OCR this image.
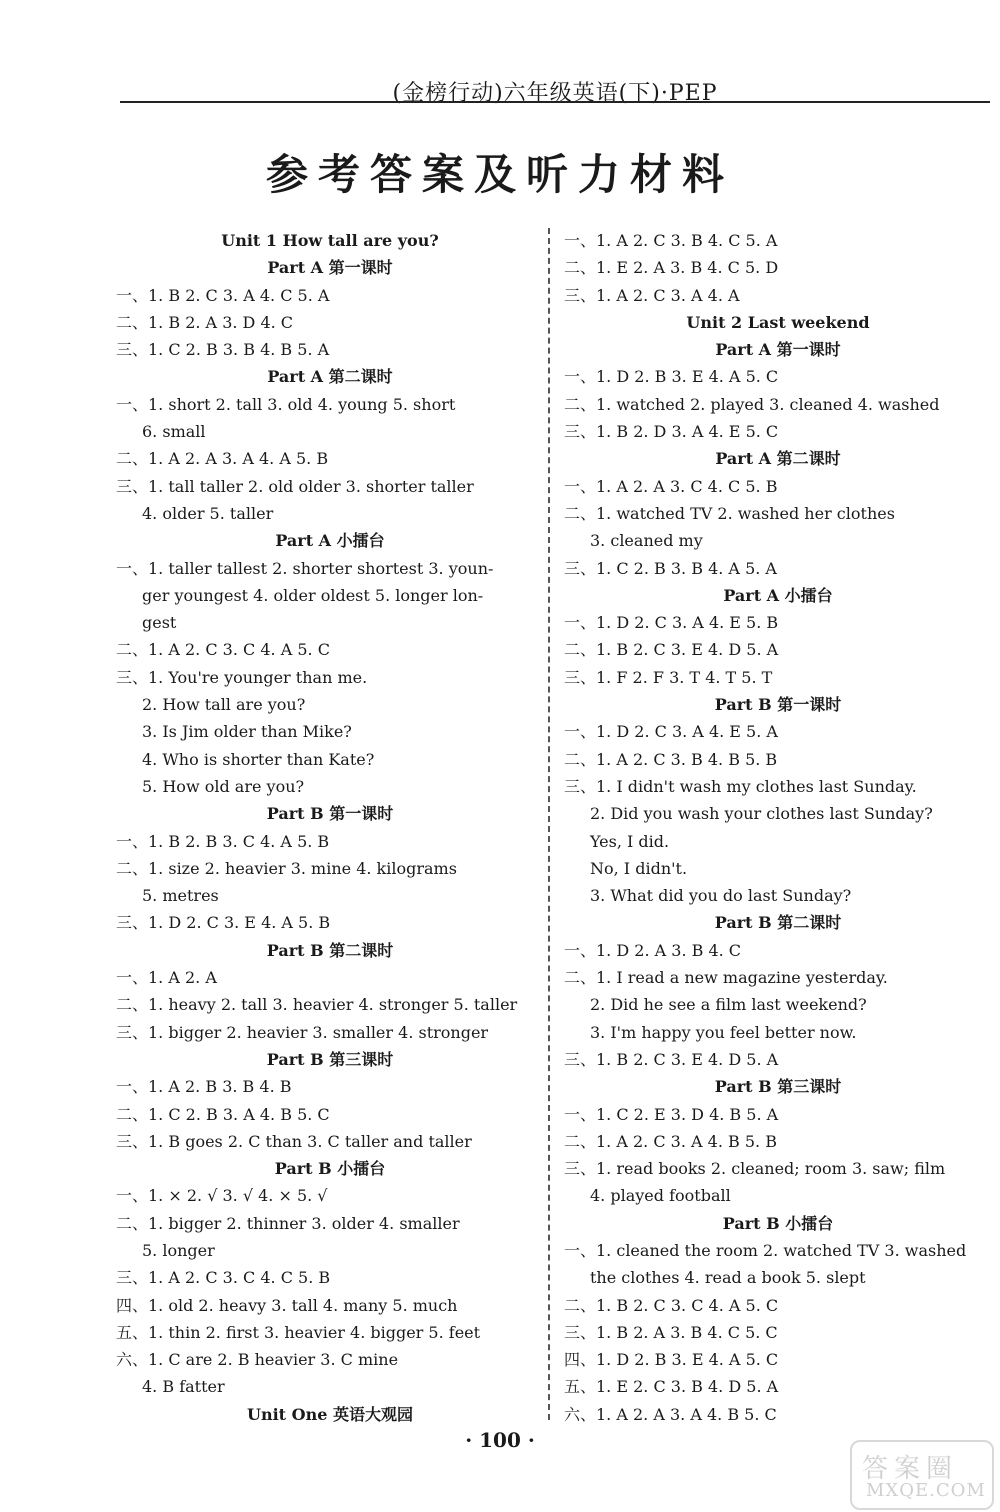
(金榜行动)六年级英语(下)·PEP
参考答案及听力材料
Unit 1 How tall are you?
Part A 第一课时
一、1. B 2. C 3. A 4. C 5. A
二、1. B 2. A 3. D 4. C
三、1. C 2. B 3. B 4. B 5. A
Part A 第二课时
一、1. short 2. tall 3. old 4. young 5. short
6. small
二、1. A 2. A 3. A 4. A 5. B
三、1. tall taller 2. old older 3. shorter taller
4. older 5. taller
Part A 小擂台
一、1. taller tallest 2. shorter shortest 3. youn-
ger youngest 4. older oldest 5. longer lon-
gest
二、1. A 2. C 3. C 4. A 5. C
三、1. You're younger than me.
2. How tall are you?
3. Is Jim older than Mike?
4. Who is shorter than Kate?
5. How old are you?
Part B 第一课时
一、1. B 2. B 3. C 4. A 5. B
二、1. size 2. heavier 3. mine 4. kilograms
5. metres
三、1. D 2. C 3. E 4. A 5. B
Part B 第二课时
一、1. A 2. A
二、1. heavy 2. tall 3. heavier 4. stronger 5. taller
三、1. bigger 2. heavier 3. smaller 4. stronger
Part B 第三课时
一、1. A 2. B 3. B 4. B
二、1. C 2. B 3. A 4. B 5. C
三、1. B goes 2. C than 3. C taller and taller
Part B 小擂台
一、1. × 2. √ 3. √ 4. × 5. √
二、1. bigger 2. thinner 3. older 4. smaller
5. longer
三、1. A 2. C 3. C 4. C 5. B
四、1. old 2. heavy 3. tall 4. many 5. much
五、1. thin 2. first 3. heavier 4. bigger 5. feet
六、1. C are 2. B heavier 3. C mine
4. B fatter
Unit One 英语大观园
一、1. A 2. C 3. B 4. C 5. A
二、1. E 2. A 3. B 4. C 5. D
三、1. A 2. C 3. A 4. A
Unit 2 Last weekend
Part A 第一课时
一、1. D 2. B 3. E 4. A 5. C
二、1. watched 2. played 3. cleaned 4. washed
三、1. B 2. D 3. A 4. E 5. C
Part A 第二课时
一、1. A 2. A 3. C 4. C 5. B
二、1. watched TV 2. washed her clothes
3. cleaned my
三、1. C 2. B 3. B 4. A 5. A
Part A 小擂台
一、1. D 2. C 3. A 4. E 5. B
二、1. B 2. C 3. E 4. D 5. A
三、1. F 2. F 3. T 4. T 5. T
Part B 第一课时
一、1. D 2. C 3. A 4. E 5. A
二、1. A 2. C 3. B 4. B 5. B
三、1. I didn't wash my clothes last Sunday.
2. Did you wash your clothes last Sunday?
Yes, I did.
No, I didn't.
3. What did you do last Sunday?
Part B 第二课时
一、1. D 2. A 3. B 4. C
二、1. I read a new magazine yesterday.
2. Did he see a film last weekend?
3. I'm happy you feel better now.
三、1. B 2. C 3. E 4. D 5. A
Part B 第三课时
一、1. C 2. E 3. D 4. B 5. A
二、1. A 2. C 3. A 4. B 5. B
三、1. read books 2. cleaned; room 3. saw; film
4. played football
Part B 小擂台
一、1. cleaned the room 2. watched TV 3. washed
the clothes 4. read a book 5. slept
二、1. B 2. C 3. C 4. A 5. C
三、1. B 2. A 3. B 4. C 5. C
四、1. D 2. B 3. E 4. A 5. C
五、1. E 2. C 3. B 4. D 5. A
六、1. A 2. A 3. A 4. B 5. C
· 100 ·
答案圈
MXQE.COM
